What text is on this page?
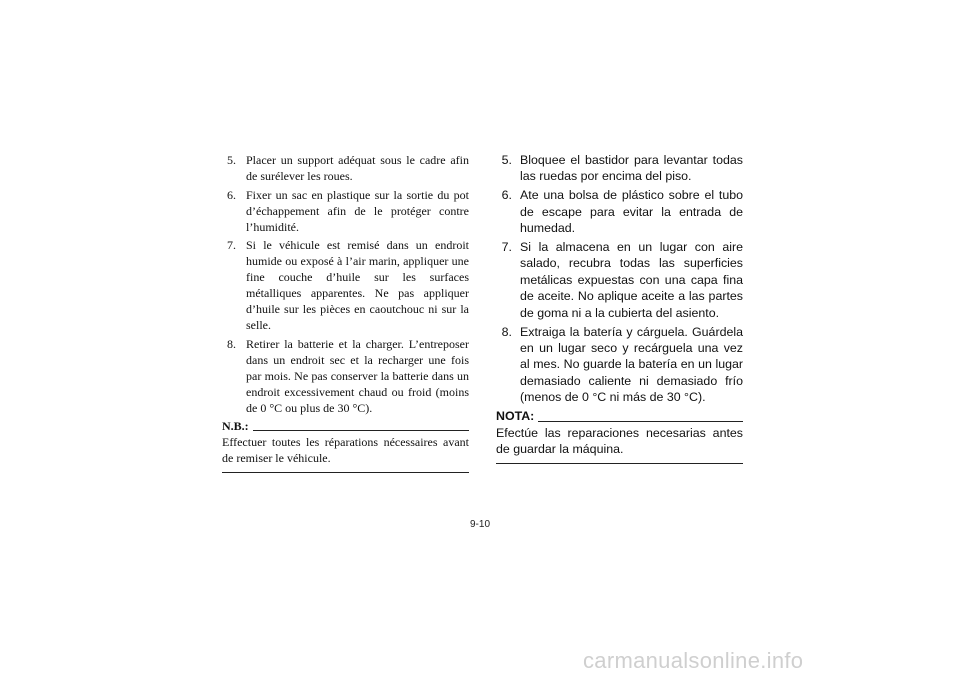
5. Placer un support adéquat sous le cadre afin de surélever les roues.
6. Fixer un sac en plastique sur la sortie du pot d’échappement afin de le protéger contre l’humidité.
7. Si le véhicule est remisé dans un endroit humide ou exposé à l’air marin, appliquer une fine couche d’huile sur les surfaces métalliques apparentes. Ne pas appliquer d’huile sur les pièces en caoutchouc ni sur la selle.
8. Retirer la batterie et la charger. L’entreposer dans un endroit sec et la recharger une fois par mois. Ne pas conserver la batterie dans un endroit excessivement chaud ou froid (moins de 0 °C ou plus de 30 °C).
N.B.:
Effectuer toutes les réparations nécessaires avant de remiser le véhicule.
5. Bloquee el bastidor para levantar todas las ruedas por encima del piso.
6. Ate una bolsa de plástico sobre el tubo de escape para evitar la entrada de humedad.
7. Si la almacena en un lugar con aire salado, recubra todas las superficies metálicas expuestas con una capa fina de aceite. No aplique aceite a las partes de goma ni a la cubierta del asiento.
8. Extraiga la batería y cárguela. Guárdela en un lugar seco y recárguela una vez al mes. No guarde la batería en un lugar demasiado caliente ni demasiado frío (menos de 0 °C ni más de 30 °C).
NOTA:
Efectúe las reparaciones necesarias antes de guardar la máquina.
9-10
carmanualsonline.info
